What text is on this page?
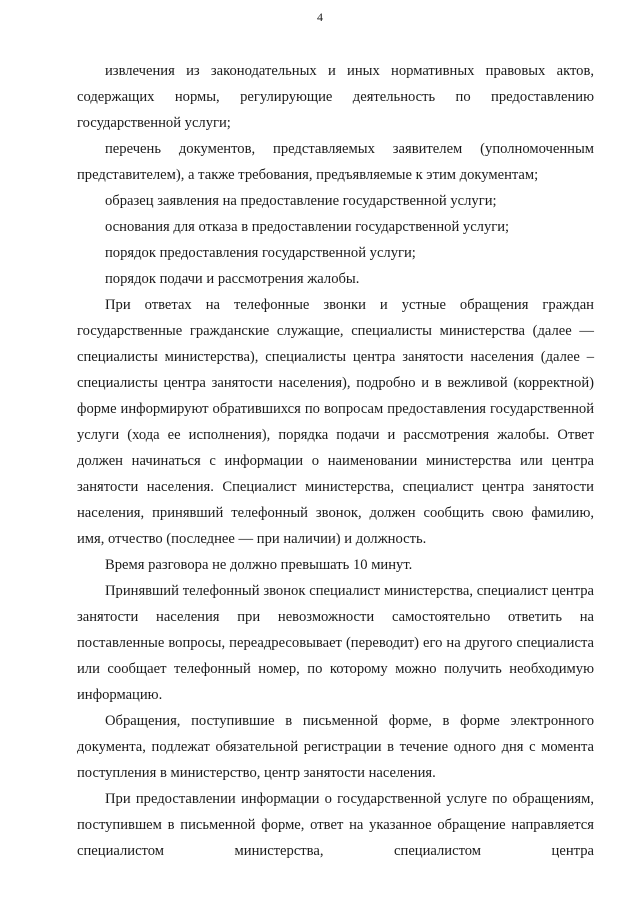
4

извлечения из законодательных и иных нормативных правовых актов, содержащих нормы, регулирующие деятельность по предоставлению государственной услуги;

перечень документов, представляемых заявителем (уполномоченным представителем), а также требования, предъявляемые к этим документам;

образец заявления на предоставление государственной услуги;

основания для отказа в предоставлении государственной услуги;

порядок предоставления государственной услуги;

порядок подачи и рассмотрения жалобы.

При ответах на телефонные звонки и устные обращения граждан государственные гражданские служащие, специалисты министерства (далее — специалисты министерства), специалисты центра занятости населения (далее – специалисты центра занятости населения), подробно и в вежливой (корректной) форме информируют обратившихся по вопросам предоставления государственной услуги (хода ее исполнения), порядка подачи и рассмотрения жалобы. Ответ должен начинаться с информации о наименовании министерства или центра занятости населения. Специалист министерства, специалист центра занятости населения, принявший телефонный звонок, должен сообщить свою фамилию, имя, отчество (последнее — при наличии) и должность.

Время разговора не должно превышать 10 минут.

Принявший телефонный звонок специалист министерства, специалист центра занятости населения при невозможности самостоятельно ответить на поставленные вопросы, переадресовывает (переводит) его на другого специалиста или сообщает телефонный номер, по которому можно получить необходимую информацию.

Обращения, поступившие в письменной форме, в форме электронного документа, подлежат обязательной регистрации в течение одного дня с момента поступления в министерство, центр занятости населения.

При предоставлении информации о государственной услуге по обращениям, поступившем в письменной форме, ответ на указанное обращение направляется специалистом министерства, специалистом центра
